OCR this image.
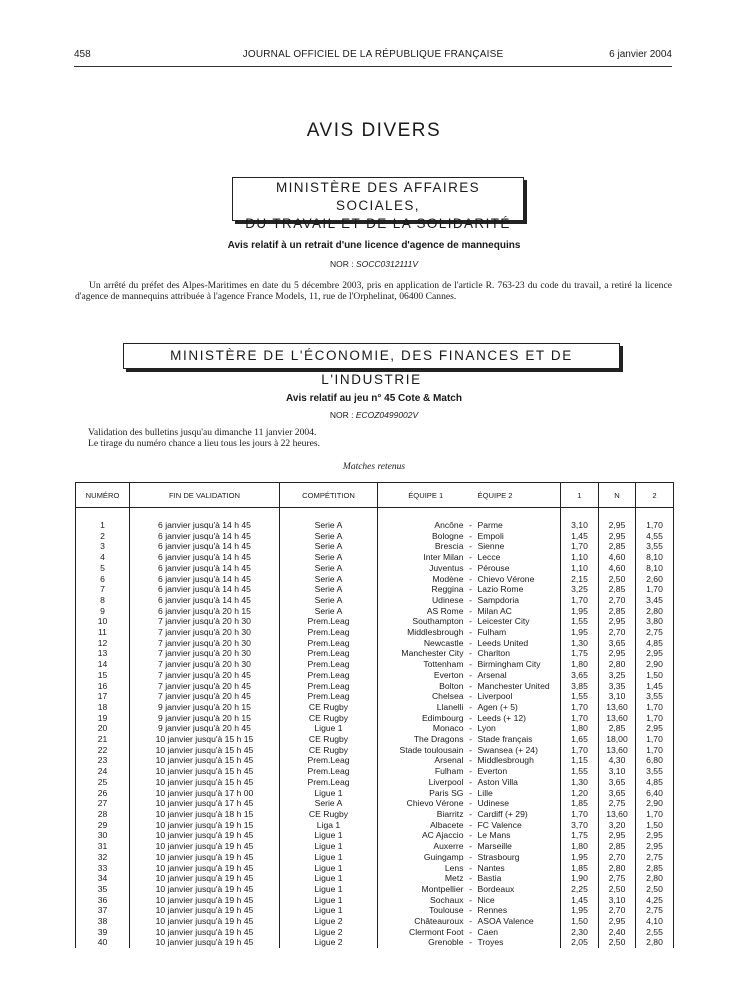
458	JOURNAL OFFICIEL DE LA RÉPUBLIQUE FRANÇAISE	6 janvier 2004
AVIS DIVERS
MINISTÈRE DES AFFAIRES SOCIALES,
DU TRAVAIL ET DE LA SOLIDARITÉ
Avis relatif à un retrait d'une licence d'agence de mannequins
NOR : SOCC0312111V
Un arrêté du préfet des Alpes-Maritimes en date du 5 décembre 2003, pris en application de l'article R. 763-23 du code du travail, a retiré la licence d'agence de mannequins attribuée à l'agence France Models, 11, rue de l'Orphelinat, 06400 Cannes.
MINISTÈRE DE L'ÉCONOMIE, DES FINANCES ET DE L'INDUSTRIE
Avis relatif au jeu n° 45 Cote & Match
NOR : ECOZ0499002V
Validation des bulletins jusqu'au dimanche 11 janvier 2004.
Le tirage du numéro chance a lieu tous les jours à 22 heures.
Matches retenus
NUMÉRO	FIN DE VALIDATION	COMPÉTITION	ÉQUIPE 1		ÉQUIPE 2	1	N	2

1	6 janvier jusqu'à 14 h 45	Serie A	Ancône	-	Parme	3,10	2,95	1,70
2	6 janvier jusqu'à 14 h 45	Serie A	Bologne	-	Empoli	1,45	2,95	4,55
3	6 janvier jusqu'à 14 h 45	Serie A	Brescia	-	Sienne	1,70	2,85	3,55
4	6 janvier jusqu'à 14 h 45	Serie A	Inter Milan	-	Lecce	1,10	4,60	8,10
5	6 janvier jusqu'à 14 h 45	Serie A	Juventus	-	Pérouse	1,10	4,60	8,10
6	6 janvier jusqu'à 14 h 45	Serie A	Modène	-	Chievo Vérone	2,15	2,50	2,60
7	6 janvier jusqu'à 14 h 45	Serie A	Reggina	-	Lazio Rome	3,25	2,85	1,70
8	6 janvier jusqu'à 14 h 45	Serie A	Udinese	-	Sampdoria	1,70	2,70	3,45
9	6 janvier jusqu'à 20 h 15	Serie A	AS Rome	-	Milan AC	1,95	2,85	2,80
10	7 janvier jusqu'à 20 h 30	Prem.Leag	Southampton	-	Leicester City	1,55	2,95	3,80
11	7 janvier jusqu'à 20 h 30	Prem.Leag	Middlesbrough	-	Fulham	1,95	2,70	2,75
12	7 janvier jusqu'à 20 h 30	Prem.Leag	Newcastle	-	Leeds United	1,30	3,65	4,85
13	7 janvier jusqu'à 20 h 30	Prem.Leag	Manchester City	-	Charlton	1,75	2,95	2,95
14	7 janvier jusqu'à 20 h 30	Prem.Leag	Tottenham	-	Birmingham City	1,80	2,80	2,90
15	7 janvier jusqu'à 20 h 45	Prem.Leag	Everton	-	Arsenal	3,65	3,25	1,50
16	7 janvier jusqu'à 20 h 45	Prem.Leag	Bolton	-	Manchester United	3,85	3,35	1,45
17	7 janvier jusqu'à 20 h 45	Prem.Leag	Chelsea	-	Liverpool	1,55	3,10	3,55
18	9 janvier jusqu'à 20 h 15	CE Rugby	Llanelli	-	Agen (+ 5)	1,70	13,60	1,70
19	9 janvier jusqu'à 20 h 15	CE Rugby	Edimbourg	-	Leeds (+ 12)	1,70	13,60	1,70
20	9 janvier jusqu'à 20 h 45	Ligue 1	Monaco	-	Lyon	1,80	2,85	2,95
21	10 janvier jusqu'à 15 h 15	CE Rugby	The Dragons	-	Stade français	1,65	18,00	1,70
22	10 janvier jusqu'à 15 h 45	CE Rugby	Stade toulousain	-	Swansea (+ 24)	1,70	13,60	1,70
23	10 janvier jusqu'à 15 h 45	Prem.Leag	Arsenal	-	Middlesbrough	1,15	4,30	6,80
24	10 janvier jusqu'à 15 h 45	Prem.Leag	Fulham	-	Everton	1,55	3,10	3,55
25	10 janvier jusqu'à 15 h 45	Prem.Leag	Liverpool	-	Aston Villa	1,30	3,65	4,85
26	10 janvier jusqu'à 17 h 00	Ligue 1	Paris SG	-	Lille	1,20	3,65	6,40
27	10 janvier jusqu'à 17 h 45	Serie A	Chievo Vérone	-	Udinese	1,85	2,75	2,90
28	10 janvier jusqu'à 18 h 15	CE Rugby	Biarritz	-	Cardiff (+ 29)	1,70	13,60	1,70
29	10 janvier jusqu'à 19 h 15	Liga 1	Albacete	-	FC Valence	3,70	3,20	1,50
30	10 janvier jusqu'à 19 h 45	Ligue 1	AC Ajaccio	-	Le Mans	1,75	2,95	2,95
31	10 janvier jusqu'à 19 h 45	Ligue 1	Auxerre	-	Marseille	1,80	2,85	2,95
32	10 janvier jusqu'à 19 h 45	Ligue 1	Guingamp	-	Strasbourg	1,95	2,70	2,75
33	10 janvier jusqu'à 19 h 45	Ligue 1	Lens	-	Nantes	1,85	2,80	2,85
34	10 janvier jusqu'à 19 h 45	Ligue 1	Metz	-	Bastia	1,90	2,75	2,80
35	10 janvier jusqu'à 19 h 45	Ligue 1	Montpellier	-	Bordeaux	2,25	2,50	2,50
36	10 janvier jusqu'à 19 h 45	Ligue 1	Sochaux	-	Nice	1,45	3,10	4,25
37	10 janvier jusqu'à 19 h 45	Ligue 1	Toulouse	-	Rennes	1,95	2,70	2,75
38	10 janvier jusqu'à 19 h 45	Ligue 2	Châteauroux	-	ASOA Valence	1,50	2,95	4,10
39	10 janvier jusqu'à 19 h 45	Ligue 2	Clermont Foot	-	Caen	2,30	2,40	2,55
40	10 janvier jusqu'à 19 h 45	Ligue 2	Grenoble	-	Troyes	2,05	2,50	2,80
